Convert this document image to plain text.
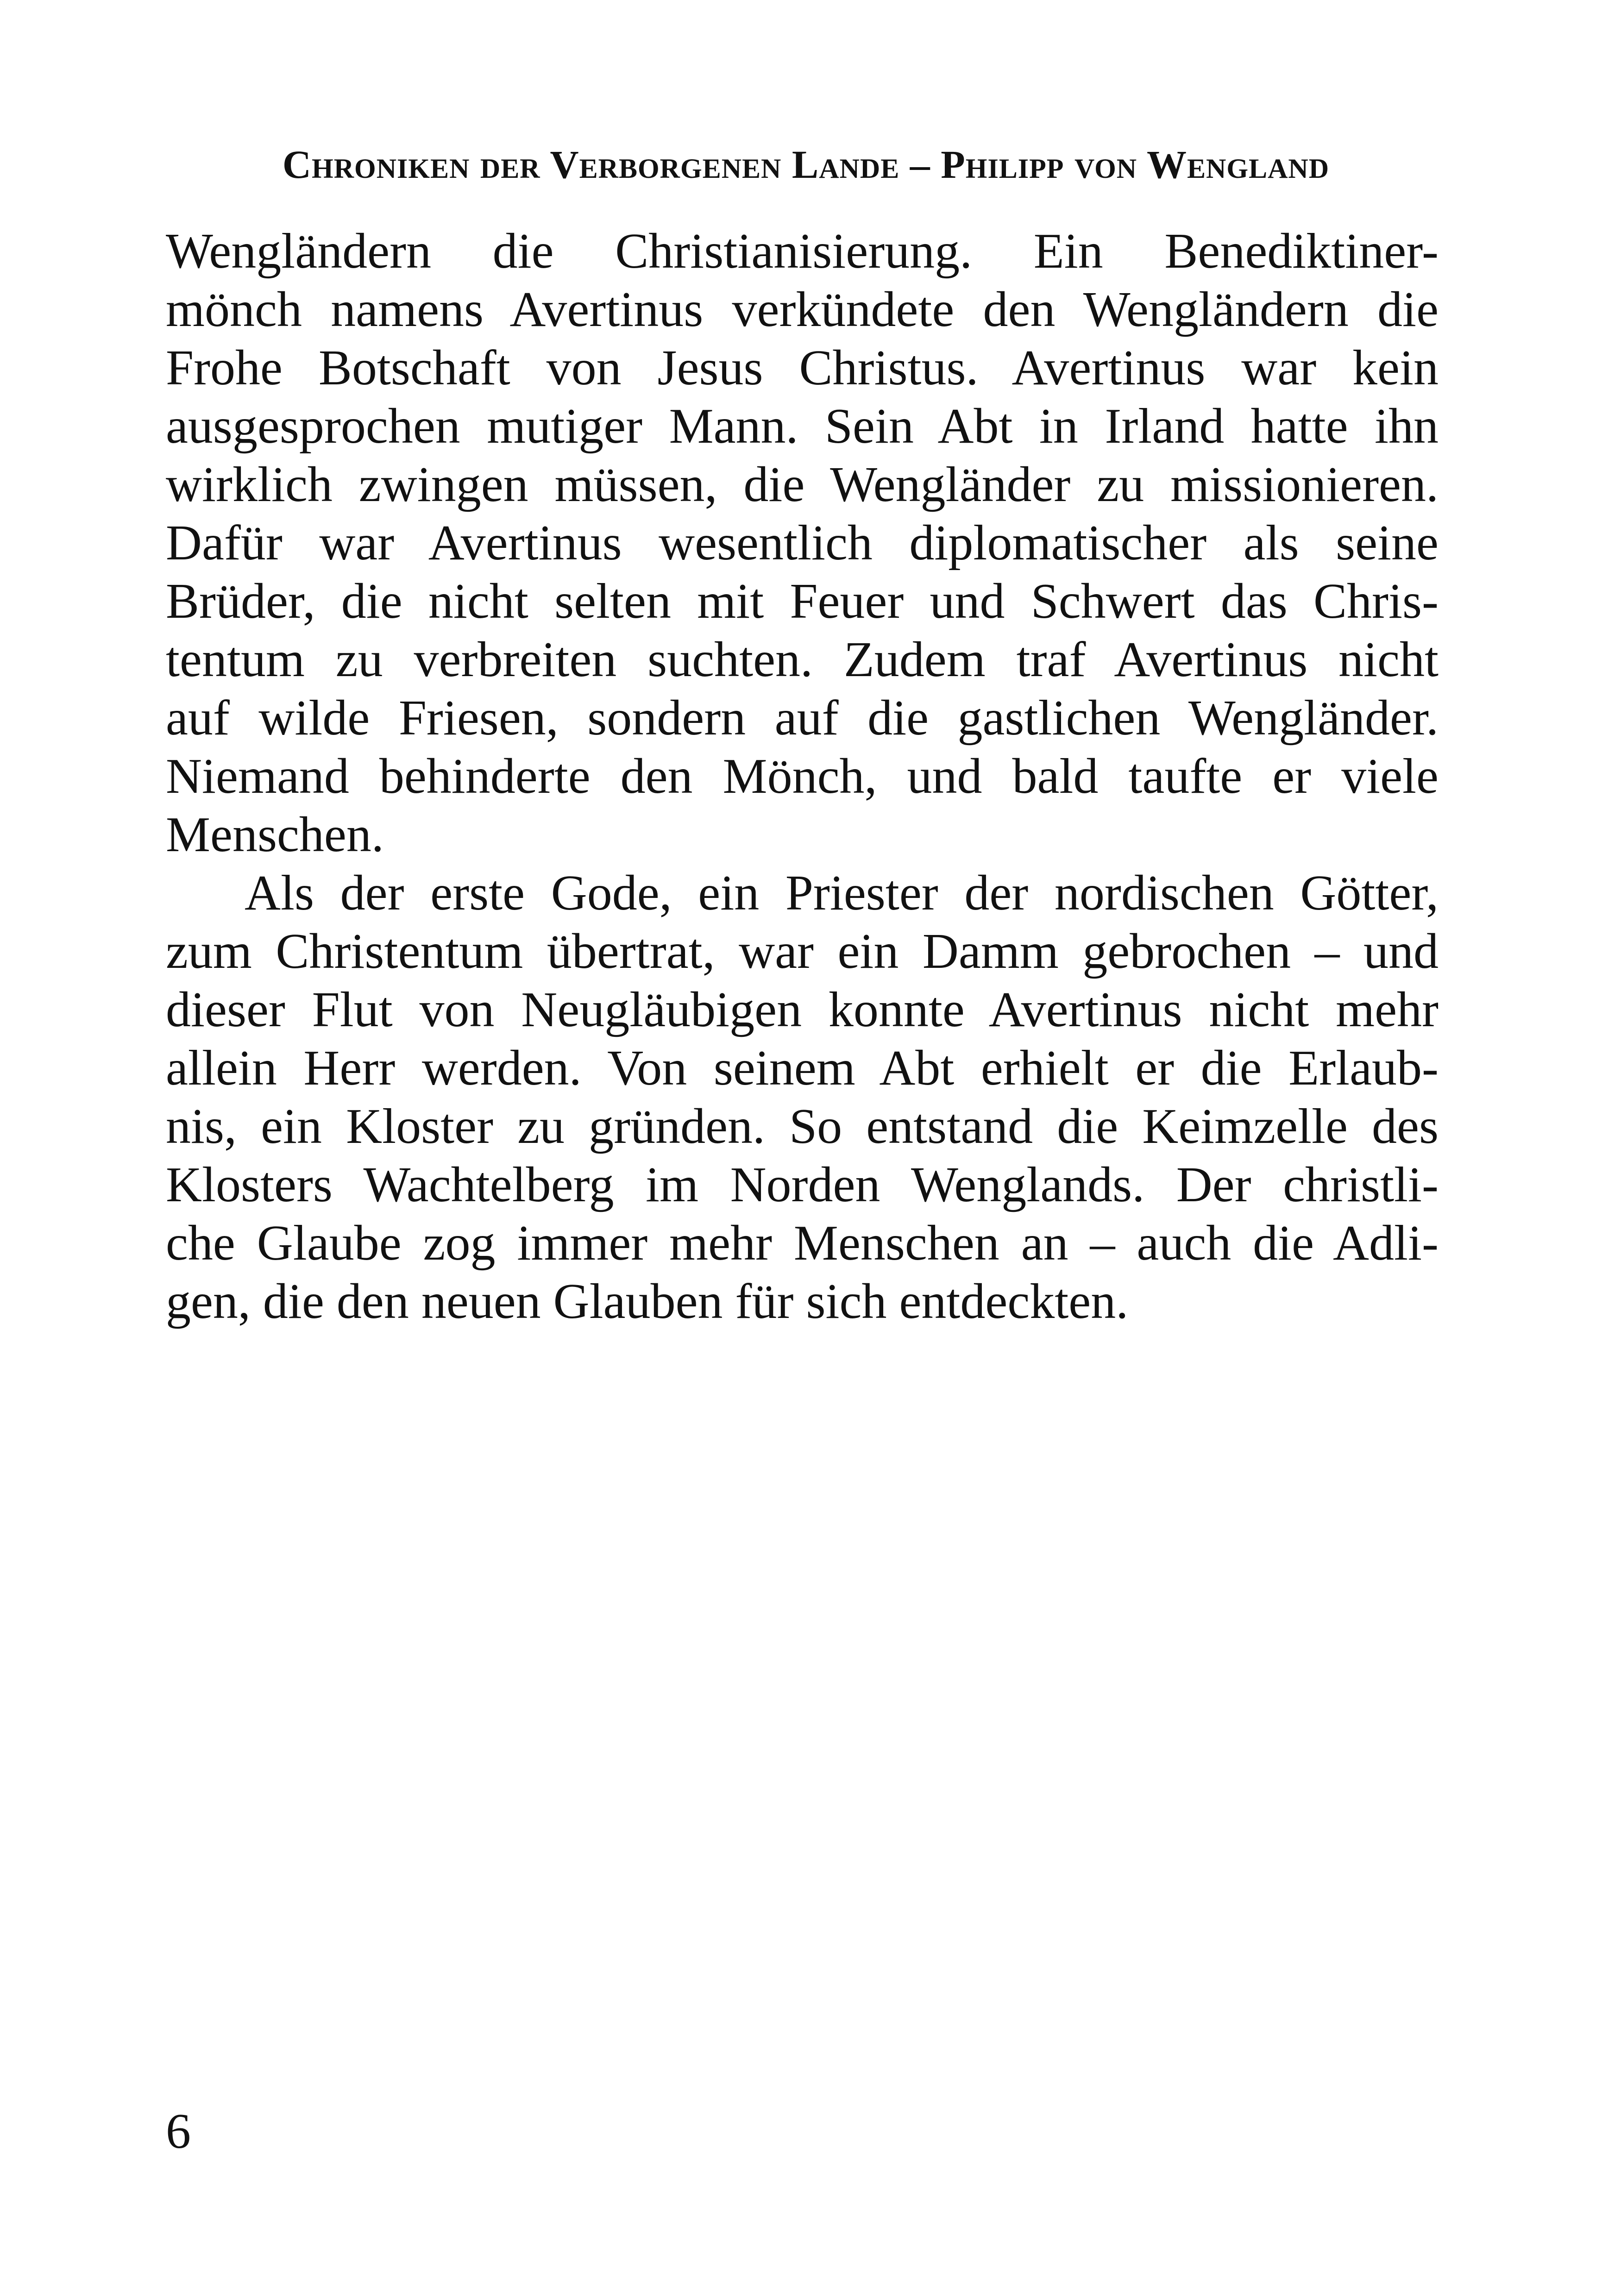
Chroniken der Verborgenen Lande – Philipp von Wengland

Wengländern die Christianisierung. Ein Benediktiner-
mönch namens Avertinus verkündete den Wengländern die
Frohe Botschaft von Jesus Christus. Avertinus war kein
ausgesprochen mutiger Mann. Sein Abt in Irland hatte ihn
wirklich zwingen müssen, die Wengländer zu missionieren.
Dafür war Avertinus wesentlich diplomatischer als seine
Brüder, die nicht selten mit Feuer und Schwert das Chris-
tentum zu verbreiten suchten. Zudem traf Avertinus nicht
auf wilde Friesen, sondern auf die gastlichen Wengländer.
Niemand behinderte den Mönch, und bald taufte er viele
Menschen.

Als der erste Gode, ein Priester der nordischen Götter,
zum Christentum übertrat, war ein Damm gebrochen – und
dieser Flut von Neugläubigen konnte Avertinus nicht mehr
allein Herr werden. Von seinem Abt erhielt er die Erlaub-
nis, ein Kloster zu gründen. So entstand die Keimzelle des
Klosters Wachtelberg im Norden Wenglands. Der christli-
che Glaube zog immer mehr Menschen an – auch die Adli-
gen, die den neuen Glauben für sich entdeckten.

6
